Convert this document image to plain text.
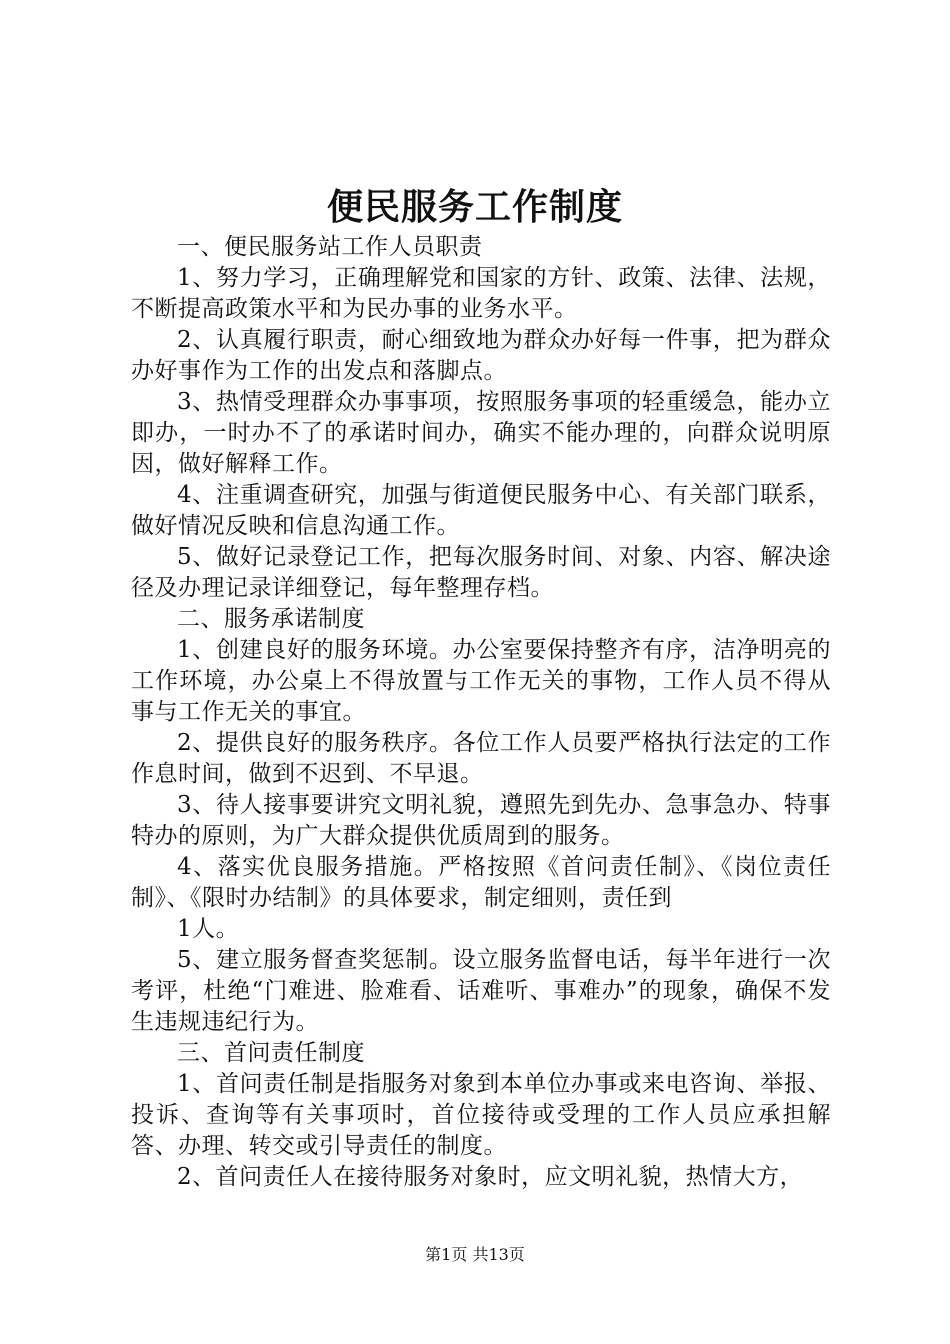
便民服务工作制度

一、便民服务站工作人员职责

1、努力学习，正确理解党和国家的方针、政策、法律、法规，不断提高政策水平和为民办事的业务水平。

2、认真履行职责，耐心细致地为群众办好每一件事，把为群众办好事作为工作的出发点和落脚点。

3、热情受理群众办事事项，按照服务事项的轻重缓急，能办立即办，一时办不了的承诺时间办，确实不能办理的，向群众说明原因，做好解释工作。

4、注重调查研究，加强与街道便民服务中心、有关部门联系，做好情况反映和信息沟通工作。

5、做好记录登记工作，把每次服务时间、对象、内容、解决途径及办理记录详细登记，每年整理存档。

二、服务承诺制度

1、创建良好的服务环境。办公室要保持整齐有序，洁净明亮的工作环境，办公桌上不得放置与工作无关的事物，工作人员不得从事与工作无关的事宜。

2、提供良好的服务秩序。各位工作人员要严格执行法定的工作作息时间，做到不迟到、不早退。

3、待人接事要讲究文明礼貌，遵照先到先办、急事急办、特事特办的原则，为广大群众提供优质周到的服务。

4、落实优良服务措施。严格按照《首问责任制》、《岗位责任制》、《限时办结制》的具体要求，制定细则，责任到

1人。

5、建立服务督查奖惩制。设立服务监督电话，每半年进行一次考评，杜绝“门难进、脸难看、话难听、事难办”的现象，确保不发生违规违纪行为。

三、首问责任制度

1、首问责任制是指服务对象到本单位办事或来电咨询、举报、投诉、查询等有关事项时，首位接待或受理的工作人员应承担解答、办理、转交或引导责任的制度。

2、首问责任人在接待服务对象时，应文明礼貌，热情大方，

第1页 共13页
